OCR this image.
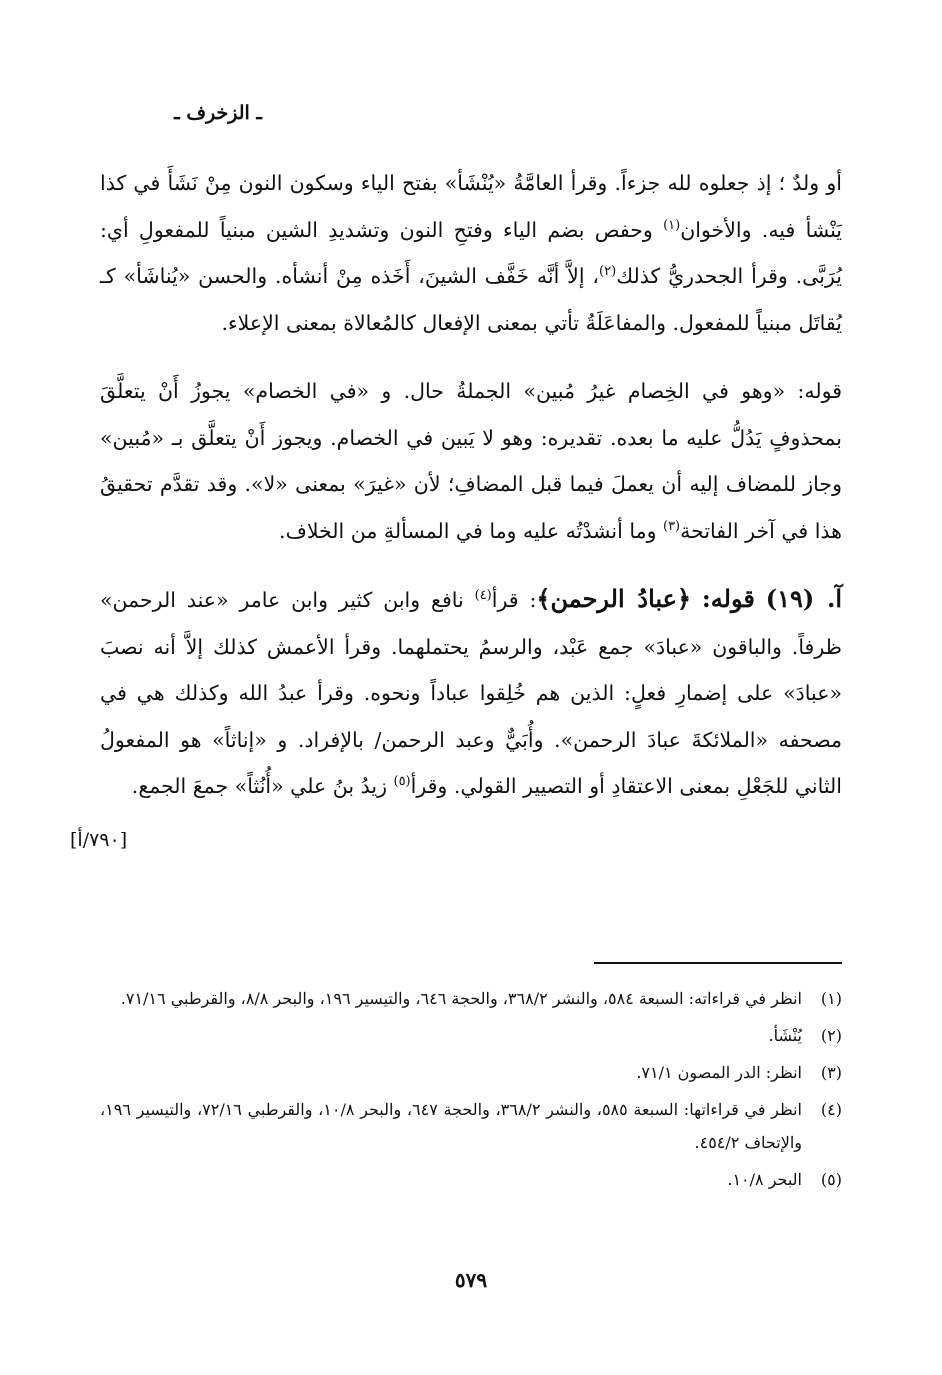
ـ الزخرف ـ

أو ولدٌ ؛ إذ جعلوه لله جزءاً. وقرأ العامَّةُ «يُنْشَأ» بفتح الياء وسكون النون مِنْ نَشَأَ في كذا يَنْشأ فيه. والأخوان$^{(١)}$ وحفص بضم الياء وفتحِ النون وتشديدِ الشين مبنياً للمفعولِ أي: يُرَبَّى. وقرأ الجحدريُّ كذلك$^{(٢)}$، إلاَّ أنَّه خَفَّف الشينَ، أَخَذه مِنْ أنشأه. والحسن «يُناشَأ» كـ يُقاتَل مبنياً للمفعول. والمفاعَلَةُ تأتي بمعنى الإفعال كالمُعالاة بمعنى الإعلاء.

قوله: «وهو في الخِصام غيرُ مُبين» الجملةُ حال. و «في الخصام» يجوزُ أَنْ يتعلَّقَ بمحذوفٍ يَدُلُّ عليه ما بعده. تقديره: وهو لا يَبين في الخصام. ويجوز أَنْ يتعلَّق بـ «مُبين» وجاز للمضاف إليه أن يعملَ فيما قبل المضافِ؛ لأن «غيرَ» بمعنى «لا». وقد تقدَّم تحقيقُ هذا في آخر الفاتحة$^{(٣)}$ وما أنشدْتُه عليه وما في المسألةِ من الخلاف.

آ. (١٩) قوله: ﴿عبادُ الرحمن﴾: قرأ$^{(٤)}$ نافع وابن كثير وابن عامر «عند الرحمن» ظرفاً. والباقون «عبادَ» جمع عَبْد، والرسمُ يحتملهما. وقرأ الأعمش كذلك إلاَّ أنه نصبَ «عبادَ» على إضمارِ فعلٍ: الذين هم خُلِقوا عباداً ونحوه. وقرأ عبدُ الله وكذلك هي في مصحفه «الملائكةَ عبادَ الرحمن». وأُبَيٌّ وعبد الرحمن/ بالإفراد. و «إناثاً» هو المفعولُ الثاني للجَعْلِ بمعنى الاعتقادِ أو التصيير القولي. وقرأ$^{(٥)}$ زيدُ بنُ علي «أُنُثاً» جمعَ الجمع.

[٧٩٠/أ]
(١)
انظر في قراءاته: السبعة ٥٨٤، والنشر ٣٦٨/٢، والحجة ٦٤٦، والتيسير ١٩٦، والبحر ٨/٨، والقرطبي ٧١/١٦.
(٢)
يُنْشَأ.
(٣)
انظر: الدر المصون ٧١/١.
(٤)
انظر في قراءاتها: السبعة ٥٨٥، والنشر ٣٦٨/٢، والحجة ٦٤٧، والبحر ١٠/٨، والقرطبي ٧٢/١٦، والتيسير ١٩٦، والإتحاف ٤٥٤/٢.
(٥)
البحر ١٠/٨.
٥٧٩
